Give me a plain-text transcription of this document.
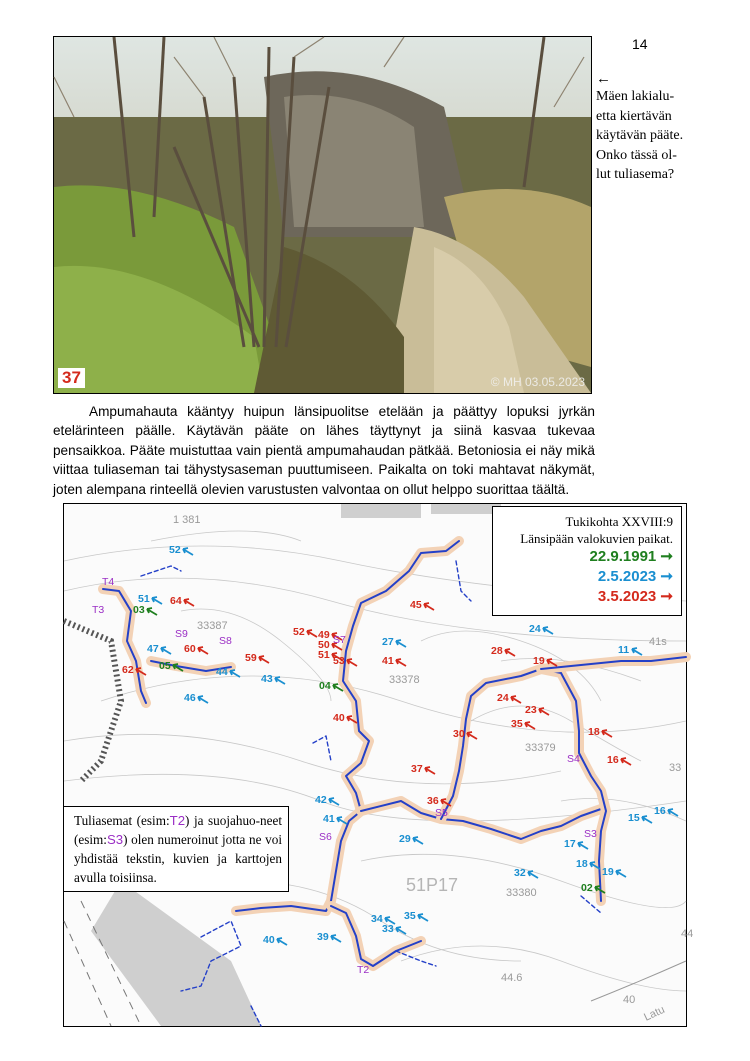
14
37	© MH 03.05.2023
←
Mäen lakialu-
etta kiertävän
käytävän pääte.
Onko tässä ol-
lut tuliasema?

Ampumahauta kääntyy huipun länsipuolitse etelään ja päättyy lopuksi jyrkän etelärinteen päälle. Käytävän pääte on lähes täyttynyt ja siinä kasvaa tukevaa pensaikkoa. Pääte muistuttaa vain pientä ampumahaudan pätkää. Betoniosia ei näy mikä viittaa tuliaseman tai tähystysaseman puuttumiseen. Paikalta on toki mahtavat näkymät, joten alempana rinteellä olevien varustusten valvontaa on ollut helppo suorittaa täältä.

1 381
33387
33378
33379
33380
51P17
41s
33
44
44.6
40
Latu
03
05
04
02
52
51
47
46
44
43
27
24
11
42
41
29
32
15
16
17
18
19
34 35
33
39
40
64
62
60
59
52 49
50
51 53
45
41
40
28
19
24
23
35
30	18
37
16
36
T4
T3
S9
S8	S7
S4
S5
S6	S3
T2
Tukikohta XXVIII:9
Länsipään valokuvien paikat.
22.9.1991 ➞
2.5.2023 ➞
3.5.2023 ➞
Tuliasemat (esim:T2) ja suojahuo-neet (esim:S3) olen numeroinut jotta ne voi yhdistää tekstin, kuvien ja karttojen avulla toisiinsa.
